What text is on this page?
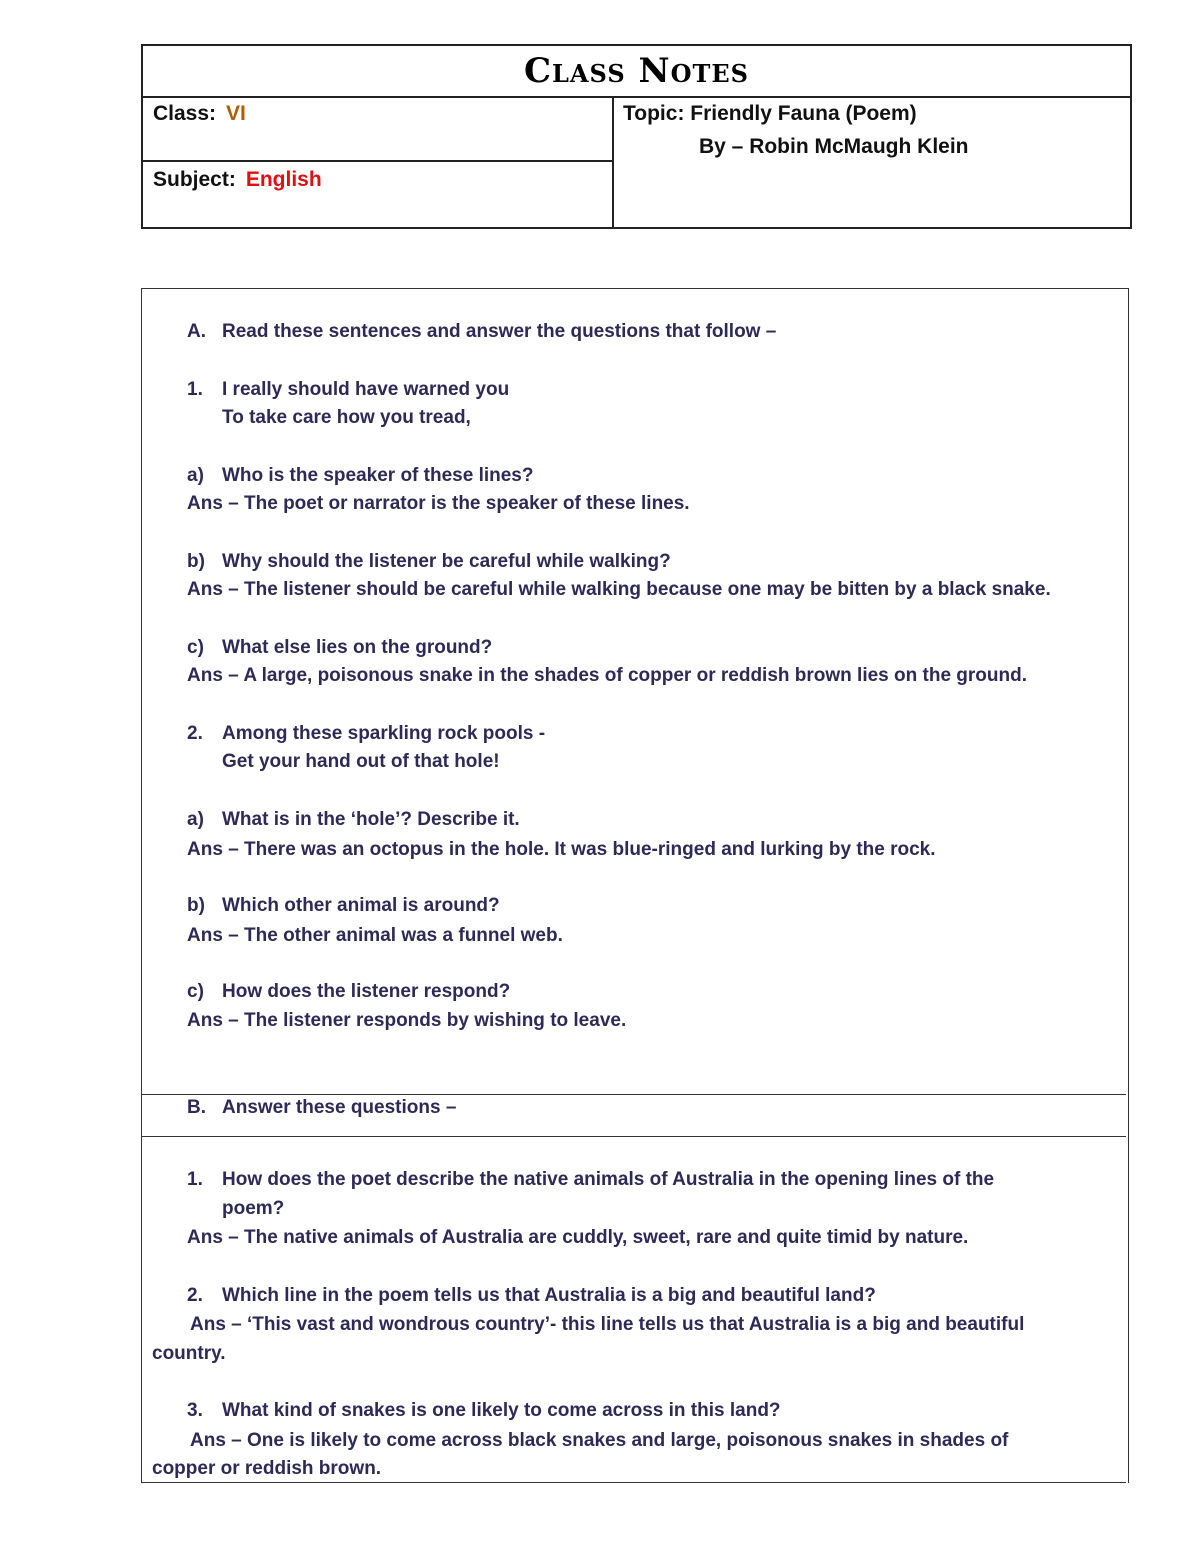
Class Notes
Class: VI
Subject: English
Topic: Friendly Fauna (Poem)
By – Robin McMaugh Klein
A. Read these sentences and answer the questions that follow –
1. I really should have warned you
To take care how you tread,
a) Who is the speaker of these lines?
Ans – The poet or narrator is the speaker of these lines.
b) Why should the listener be careful while walking?
Ans – The listener should be careful while walking because one may be bitten by a black snake.
c) What else lies on the ground?
Ans – A large, poisonous snake in the shades of copper or reddish brown lies on the ground.
2. Among these sparkling rock pools -
Get your hand out of that hole!
a) What is in the ‘hole’? Describe it.
Ans – There was an octopus in the hole. It was blue-ringed and lurking by the rock.
b) Which other animal is around?
Ans – The other animal was a funnel web.
c) How does the listener respond?
Ans – The listener responds by wishing to leave.
B. Answer these questions –
1. How does the poet describe the native animals of Australia in the opening lines of the
poem?
Ans – The native animals of Australia are cuddly, sweet, rare and quite timid by nature.
2. Which line in the poem tells us that Australia is a big and beautiful land?
Ans – ‘This vast and wondrous country’- this line tells us that Australia is a big and beautiful
country.
3. What kind of snakes is one likely to come across in this land?
Ans – One is likely to come across black snakes and large, poisonous snakes in shades of
copper or reddish brown.
